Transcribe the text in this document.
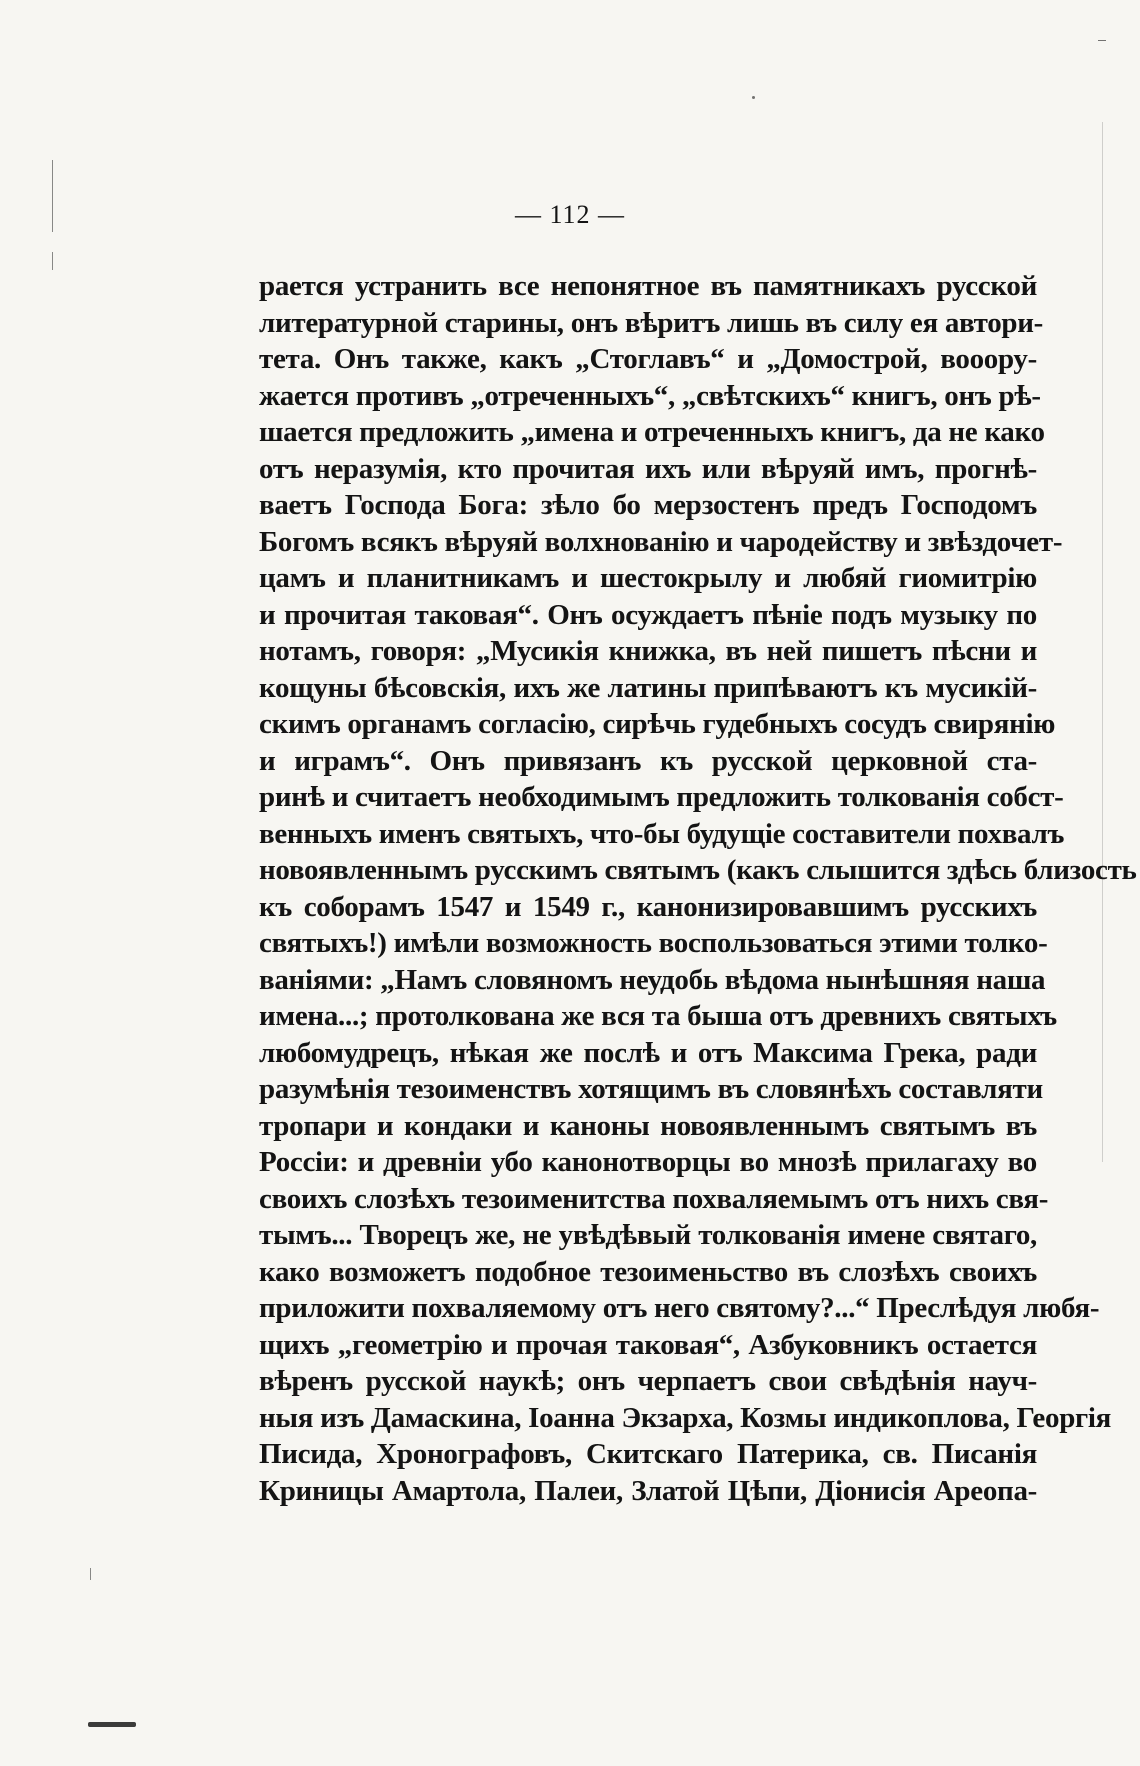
— 112 —
раетcя устранить все непонятное въ памятникахъ русской
литературной старины, онъ вѣритъ лишь въ силу ея автори-
тета. Онъ также, какъ „Стоглавъ“ и „Домострой, вооору-
жается противъ „отреченныхъ“, „свѣтскихъ“ книгъ, онъ рѣ-
шается предложить „имена и отреченныхъ книгъ, да не како
отъ неразумія, кто прочитая ихъ или вѣруяй имъ, прогнѣ-
ваетъ Господа Бога: зѣло бо мерзостенъ предъ Господомъ
Богомъ всякъ вѣруяй волхнованію и чародейству и звѣздочет-
цамъ и планитникамъ и шестокрылу и любяй гиомитрію
и прочитая таковая“. Онъ осуждаетъ пѣніе подъ музыку по
нотамъ, говоря: „Мусикія книжка, въ ней пишетъ пѣсни и
кощуны бѣсовскія, ихъ же латины припѣваютъ къ мусикій-
скимъ органамъ согласію, сирѣчь гудебныхъ сосудъ свирянію
и играмъ“. Онъ привязанъ къ русской церковной ста-
ринѣ и считаетъ необходимымъ предложить толкованія собст-
венныхъ именъ святыхъ, что-бы будущіе составители похвалъ
новоявленнымъ русскимъ святымъ (какъ слышится здѣсь близость
къ соборамъ 1547 и 1549 г., канонизировавшимъ русскихъ
святыхъ!) имѣли возможность воспользоваться этими толко-
ваніями: „Намъ словяномъ неудобь вѣдома нынѣшняя наша
имена...; протолкована же вся та быша отъ древнихъ святыхъ
любомудрецъ, нѣкая же послѣ и отъ Максима Грека, ради
разумѣнія тезоименствъ хотящимъ въ словянѣхъ составляти
тропари и кондаки и каноны новоявленнымъ святымъ въ
Россіи: и древніи убо канонотворцы во мнозѣ прилагаху во
своихъ слозѣхъ тезоименитства похваляемымъ отъ нихъ свя-
тымъ... Творецъ же, не увѣдѣвый толкованія имене святаго,
како возможетъ подобное тезоименьство въ слозѣхъ своихъ
приложити похваляемому отъ него святому?...“ Преслѣдуя любя-
щихъ „геометрію и прочая таковая“, Азбуковникъ остается
вѣренъ русской наукѣ; онъ черпаетъ свои свѣдѣнія науч-
ныя изъ Дамаскина, Іоанна Экзарха, Козмы индикоплова, Георгія
Писида, Хронографовъ, Скитскаго Патерика, св. Писанія
Криницы Амартола, Палеи, Златой Цѣпи, Діонисія Ареопа-
